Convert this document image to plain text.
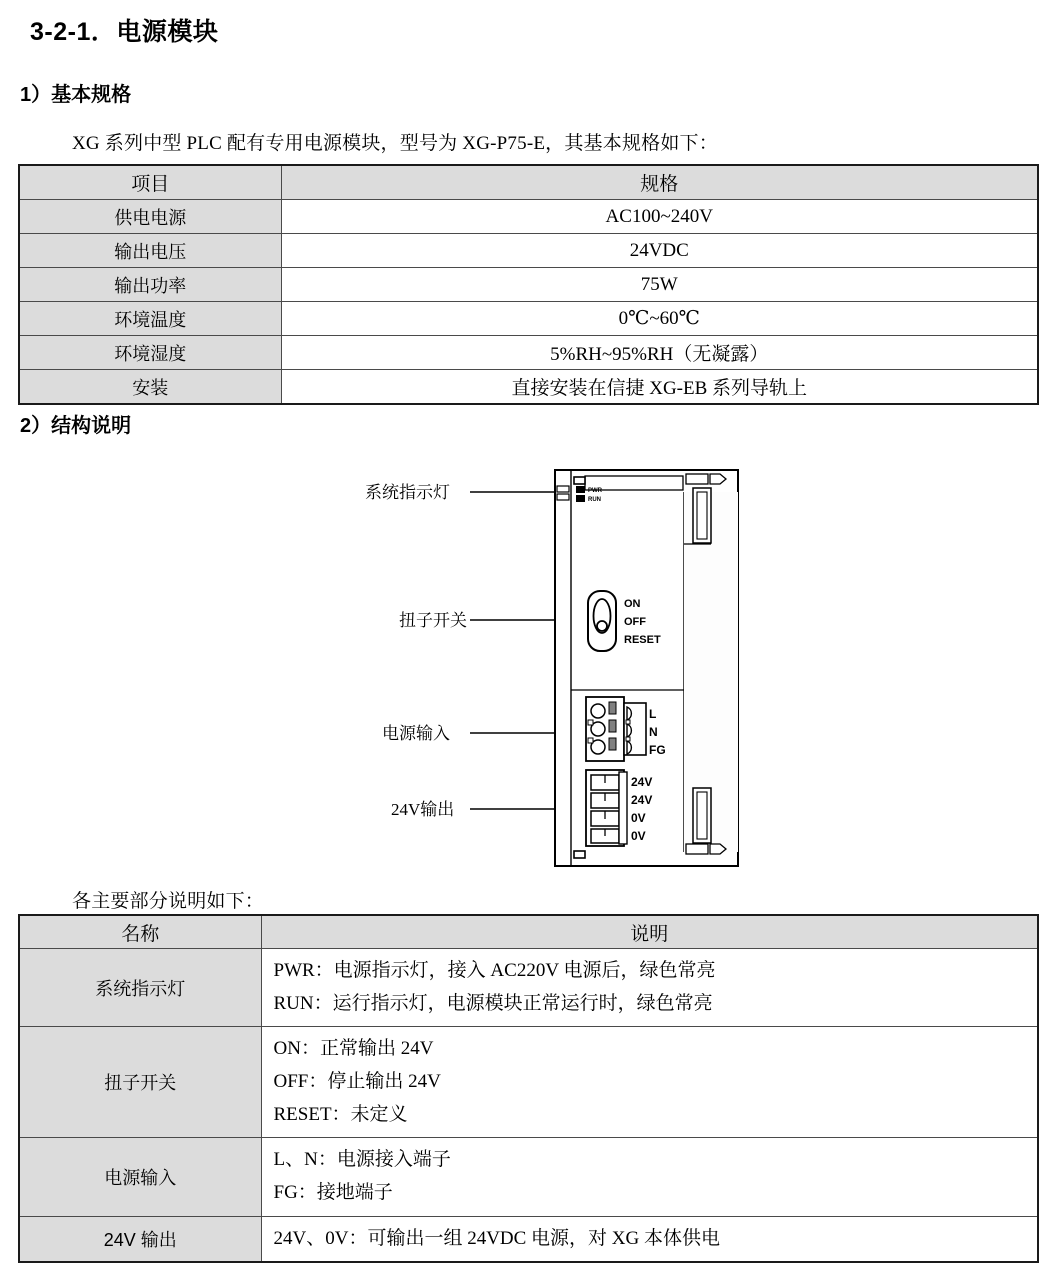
3-2-1．电源模块
1）基本规格
XG 系列中型 PLC 配有专用电源模块，型号为 XG-P75-E，其基本规格如下：
项目	规格
供电电源	AC100~240V
输出电压	24VDC
输出功率	75W
环境温度	0℃~60℃
环境湿度	5%RH~95%RH（无凝露）
安装	直接安装在信捷 XG-EB 系列导轨上
2）结构说明
系统指示灯
扭子开关
电源输入
24V输出
PWR
RUN
ON
OFF
RESET
L
N
FG
24V
24V
0V
0V
各主要部分说明如下：
名称	说明
系统指示灯	PWR：电源指示灯，接入 AC220V 电源后，绿色常亮
RUN：运行指示灯，电源模块正常运行时，绿色常亮

扭子开关	ON：正常输出 24V
OFF：停止输出 24V
RESET：未定义

电源输入	L、N：电源接入端子
FG：接地端子

24V 输出	24V、0V：可输出一组 24VDC 电源，对 XG 本体供电
